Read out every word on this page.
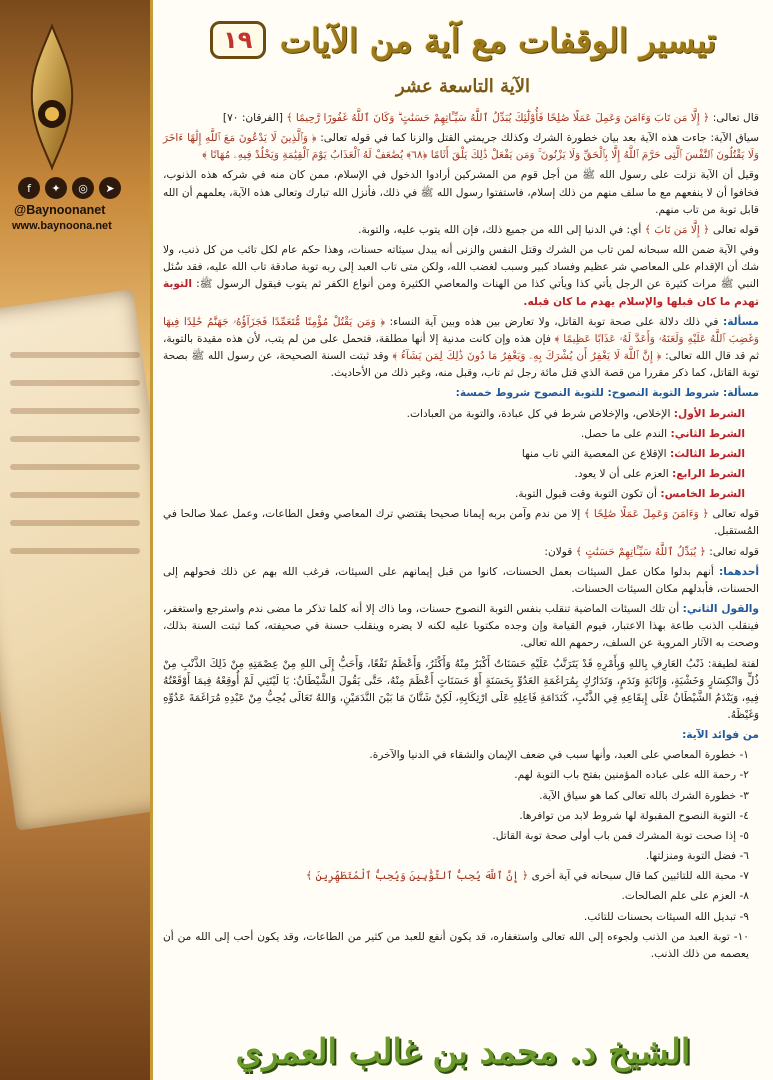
f	✦	◎	➤
@Baynoonanet
www.baynoona.net
تيسير الوقفات مع آية من الآيات
١٩
الآية التاسعة عشر

قال تعالى: ﴿ إِلَّا مَن تَابَ وَءَامَنَ وَعَمِلَ عَمَلًا صَٰلِحًا فَأُوْلَٰٓئِكَ يُبَدِّلُ ٱللَّهُ سَيِّـَٔاتِهِمْ حَسَنَٰتٍ ۗ وَكَانَ ٱللَّهُ غَفُورًا رَّحِيمًا ﴾ [الفرقان: ٧٠]

سياق الآية: جاءت هذه الآية بعد بيان خطورة الشرك وكذلك جريمتي القتل والزنا كما في قوله تعالى: ﴿ وَٱلَّذِينَ لَا يَدْعُونَ مَعَ ٱللَّهِ إِلَٰهًا ءَاخَرَ وَلَا يَقْتُلُونَ ٱلنَّفْسَ ٱلَّتِى حَرَّمَ ٱللَّهُ إِلَّا بِٱلْحَقِّ وَلَا يَزْنُونَ ۚ وَمَن يَفْعَلْ ذَٰلِكَ يَلْقَ أَثَامًا ﴿٦٨﴾ يُضَٰعَفْ لَهُ ٱلْعَذَابُ يَوْمَ ٱلْقِيَٰمَةِ وَيَخْلُدْ فِيهِۦ مُهَانًا ﴾

وقيل أن الآية نزلت على رسول الله ﷺ من أجل قوم من المشركين أرادوا الدخول في الإسلام، ممن كان منه في شركه هذه الذنوب، فخافوا أن لا ينفعهم مع ما سلف منهم من ذلك إسلام، فاستفتوا رسول الله ﷺ في ذلك، فأنزل الله تبارك وتعالى هذه الآية، يعلمهم أن الله قابل توبة من تاب منهم.

قوله تعالى ﴿ إِلَّا مَن تَابَ ﴾ أي: في الدنيا إلى الله من جميع ذلك، فإن الله يتوب عليه، والتوبة.

وفي الآية ضمن الله سبحانه لمن تاب من الشرك وقتل النفس والزنى أنه يبدل سيئاته حسنات، وهذا حكم عام لكل تائب من كل ذنب، ولا شك أن الإقدام على المعاصي شر عظيم وفساد كبير وسبب لغضب الله، ولكن متى تاب العبد إلى ربه توبة صادقة تاب الله عليه، فقد سُئل النبي ﷺ مرات كثيرة عن الرجل يأتي كذا ويأتي كذا من الهنات والمعاصي الكثيرة ومن أنواع الكفر ثم يتوب فيقول الرسول ﷺ: التوبة تهدم ما كان قبلها والإسلام يهدم ما كان قبله.

مسألة: في ذلك دلالة على صحة توبة القاتل، ولا تعارض بين هذه وبين آية النساء: ﴿ وَمَن يَقْتُلْ مُؤْمِنًا مُّتَعَمِّدًا فَجَزَآؤُهُۥ جَهَنَّمُ خَٰلِدًا فِيهَا وَغَضِبَ ٱللَّهُ عَلَيْهِ وَلَعَنَهُۥ وَأَعَدَّ لَهُۥ عَذَابًا عَظِيمًا ﴾ فإن هذه وإن كانت مدنية إلا أنها مطلقة، فتحمل على من لم يتب، لأن هذه مقيدة بالتوبة، ثم قد قال الله تعالى: ﴿ إِنَّ ٱللَّهَ لَا يَغْفِرُ أَن يُشْرَكَ بِهِۦ وَيَغْفِرُ مَا دُونَ ذَٰلِكَ لِمَن يَشَآءُ ﴾ وقد ثبتت السنة الصحيحة، عن رسول الله ﷺ بصحة توبة القاتل، كما ذكر مقررا من قصة الذي قتل مائة رجل ثم تاب، وقبل منه، وغير ذلك من الأحاديث.

مسألة: شروط التوبة النصوح: للتوبة النصوح شروط خمسة:

الشرط الأول: الإخلاص، والإخلاص شرط في كل عبادة، والتوبة من العبادات.

الشرط الثاني: الندم على ما حصل.

الشرط الثالث: الإقلاع عن المعصية التي تاب منها

الشرط الرابع: العزم على أن لا يعود.

الشرط الخامس: أن تكون التوبة وقت قبول التوبة.

قوله تعالى ﴿ وَءَامَنَ وَعَمِلَ عَمَلًا صَٰلِحًا ﴾ إلا من ندم وآمن بربه إيمانا صحيحا يقتضي ترك المعاصي وفعل الطاعات، وعمل عملا صالحا في المُستقبل.

قوله تعالى: ﴿ يُبَدِّلُ ٱللَّهُ سَيِّـَٔاتِهِمْ حَسَنَٰتٍ ﴾ قولان:

أحدهما: أنهم بدلوا مكان عمل السيئات بعمل الحسنات، كانوا من قبل إيمانهم على السيئات، فرغب الله بهم عن ذلك فحولهم إلى الحسنات، فأبدلهم مكان السيئات الحسنات.

والقول الثاني: أن تلك السيئات الماضية تنقلب بنفس التوبة النصوح حسنات، وما ذاك إلا أنه كلما تذكر ما مضى ندم واسترجع واستغفر، فينقلب الذنب طاعة بهذا الاعتبار، فيوم القيامة وإن وجده مكتوبا عليه لكنه لا يضره وينقلب حسنة في صحيفته، كما ثبتت السنة بذلك، وصحت به الآثار المروية عن السلف، رحمهم الله تعالى.

لفتة لطيفة: ذَنْبُ العَارِفِ بِاللهِ وَبِأَمْرِهِ قَدْ يَتَرَتَّبُ عَلَيْهِ حَسَنَاتٌ أَكْبَرُ مِنْهُ وَأَكْثَرُ، وَأَعْظَمُ نَفْعًا، وَأَحَبُّ إِلَى اللهِ مِنْ عِصْمَتِهِ مِنْ ذَلِكَ الذَّنْبِ مِنْ ذُلٍّ وَانْكِسَارٍ وَخَشْيَةٍ، وَإِنَابَةٍ وَنَدَمٍ، وَتَدَارُكٍ بِمُرَاغَمَةِ العَدُوِّ بِحَسَنَةٍ أَوْ حَسَنَاتٍ أَعْظَمَ مِنْهُ، حَتَّى يَقُولَ الشَّيْطَانُ: يَا لَيْتَنِي لَمْ أُوقِعْهُ فِيمَا أَوْقَعْتُهُ فِيهِ، وَيَنْدَمُ الشَّيْطَانُ عَلَى إِيقَاعِهِ فِي الذَّنْبِ، كَنَدَامَةِ فَاعِلِهِ عَلَى ارْتِكَابِهِ، لَكِنْ شَتَّانَ مَا بَيْنَ النَّدَمَيْنِ، وَاللهُ تَعَالَى يُحِبُّ مِنْ عَبْدِهِ مُرَاغَمَةَ عَدُوِّهِ وَغَيْظَهُ.

من فوائد الآية:

١- خطورة المعاصي على العبد، وأنها سبب في ضعف الإيمان والشقاء في الدنيا والآخرة.

٢- رحمة الله على عباده المؤمنين بفتح باب التوبة لهم.

٣- خطورة الشرك بالله تعالى كما هو سياق الآية.

٤- التوبة النصوح المقبولة لها شروط لابد من توافرها.

٥- إذا صحت توبة المشرك فمن باب أولى صحة توبة القاتل.

٦- فضل التوبة ومنزلتها.

٧- محبة الله للتائبين كما قال سبحانه في آية أخرى ﴿ إِنَّ ٱللَّهَ يُحِبُّ ٱلتَّوَّٰبِينَ وَيُحِبُّ ٱلْمُتَطَهِّرِينَ ﴾

٨- العزم على علم الصالحات.

٩- تبديل الله السيئات بحسنات للتائب.

١٠- توبة العبد من الذنب ولجوءه إلى الله تعالى واستغفاره، قد يكون أنفع للعبد من كثير من الطاعات، وقد يكون أحب إلى الله من أن يعصمه من ذلك الذنب.

الشيخ د. محمد بن غالب العمري
